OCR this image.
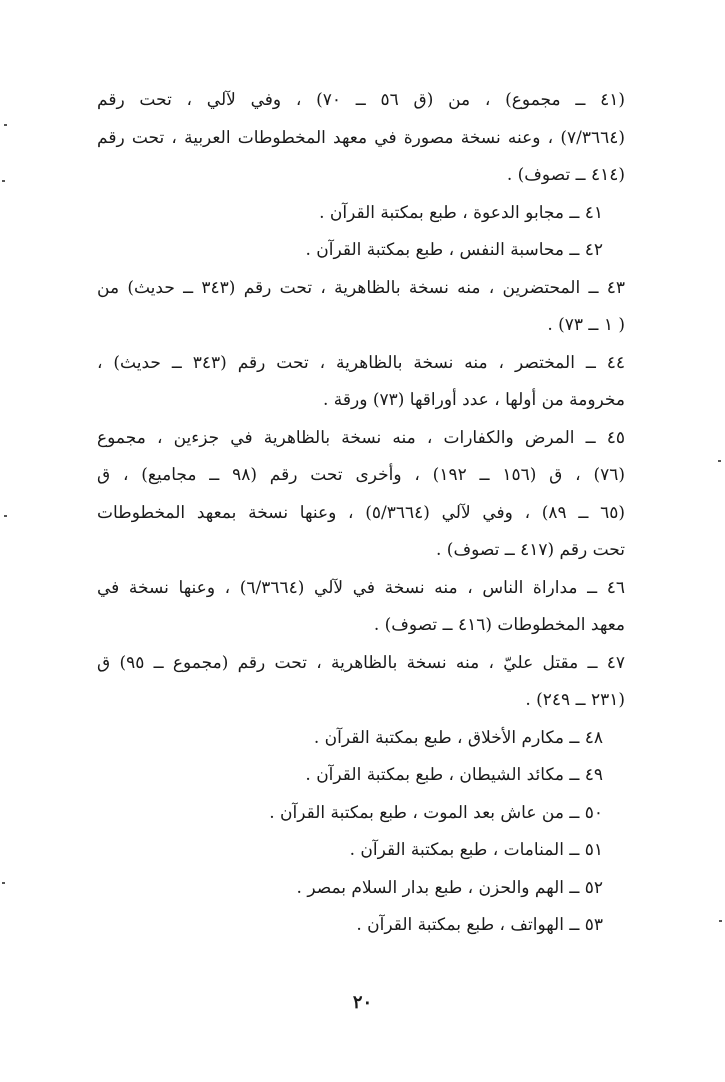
(٤١ ــ مجموع) ، من (ق ٥٦ ــ ٧٠) ، وفي لآلي ، تحت رقم
(٧/٣٦٦٤) ، وعنه نسخة مصورة في معهد المخطوطات العربية ، تحت رقم
(٤١٤ ــ تصوف) .
٤١ ــ مجابو الدعوة ، طبع بمكتبة القرآن .
٤٢ ــ محاسبة النفس ، طبع بمكتبة القرآن .
٤٣ ــ المحتضرين ، منه نسخة بالظاهرية ، تحت رقم (٣٤٣ ــ حديث) من
( ١ ــ ٧٣) .
٤٤ ــ المختصر ، منه نسخة بالظاهرية ، تحت رقم (٣٤٣ ــ حديث) ،
مخرومة من أولها ، عدد أوراقها (٧٣) ورقة .
٤٥ ــ المرض والكفارات ، منه نسخة بالظاهرية في جزءين ، مجموع
(٧٦) ، ق (١٥٦ ــ ١٩٢) ، وأخرى تحت رقم (٩٨ ــ مجاميع) ، ق
(٦٥ ــ ٨٩) ، وفي لآلي (٥/٣٦٦٤) ، وعنها نسخة بمعهد المخطوطات
تحت رقم (٤١٧ ــ تصوف) .
٤٦ ــ مداراة الناس ، منه نسخة في لآلي (٦/٣٦٦٤) ، وعنها نسخة في
معهد المخطوطات (٤١٦ ــ تصوف) .
٤٧ ــ مقتل عليّ ، منه نسخة بالظاهرية ، تحت رقم (مجموع ــ ٩٥) ق
(٢٣١ ــ ٢٤٩) .
٤٨ ــ مكارم الأخلاق ، طبع بمكتبة القرآن .
٤٩ ــ مكائد الشيطان ، طبع بمكتبة القرآن .
٥٠ ــ من عاش بعد الموت ، طبع بمكتبة القرآن .
٥١ ــ المنامات ، طبع بمكتبة القرآن .
٥٢ ــ الهم والحزن ، طبع بدار السلام بمصر .
٥٣ ــ الهواتف ، طبع بمكتبة القرآن .
٢٠
